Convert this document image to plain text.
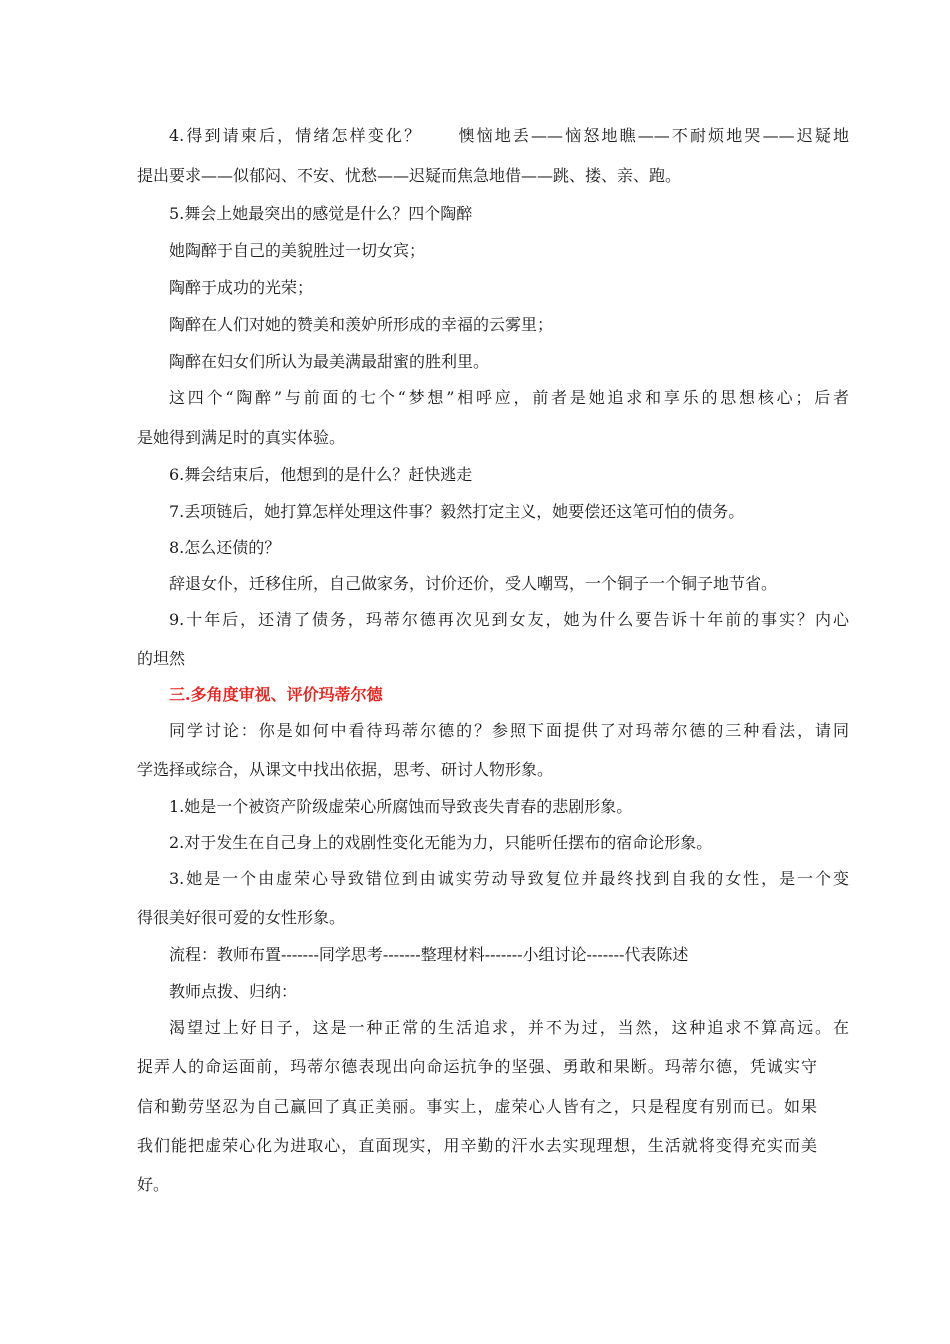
4.得到请柬后，情绪怎样变化？　　懊恼地丢——恼怒地瞧——不耐烦地哭——迟疑地
提出要求——似郁闷、不安、忧愁——迟疑而焦急地借——跳、搂、亲、跑。
5.舞会上她最突出的感觉是什么？四个陶醉
她陶醉于自己的美貌胜过一切女宾；
陶醉于成功的光荣；
陶醉在人们对她的赞美和羡妒所形成的幸福的云雾里；
陶醉在妇女们所认为最美满最甜蜜的胜利里。
这四个“陶醉”与前面的七个“梦想”相呼应，前者是她追求和享乐的思想核心；后者
是她得到满足时的真实体验。
6.舞会结束后，他想到的是什么？赶快逃走
7.丢项链后，她打算怎样处理这件事？毅然打定主义，她要偿还这笔可怕的债务。
8.怎么还债的？
辞退女仆，迁移住所，自己做家务，讨价还价，受人嘲骂，一个铜子一个铜子地节省。
9.十年后，还清了债务，玛蒂尔德再次见到女友，她为什么要告诉十年前的事实？内心
的坦然
三.多角度审视、评价玛蒂尔德
同学讨论：你是如何中看待玛蒂尔德的？参照下面提供了对玛蒂尔德的三种看法，请同
学选择或综合，从课文中找出依据，思考、研讨人物形象。
1.她是一个被资产阶级虚荣心所腐蚀而导致丧失青春的悲剧形象。
2.对于发生在自己身上的戏剧性变化无能为力，只能听任摆布的宿命论形象。
3.她是一个由虚荣心导致错位到由诚实劳动导致复位并最终找到自我的女性，是一个变
得很美好很可爱的女性形象。
流程：教师布置-------同学思考-------整理材料-------小组讨论-------代表陈述
教师点拨、归纳：
渴望过上好日子，这是一种正常的生活追求，并不为过，当然，这种追求不算高远。在
捉弄人的命运面前，玛蒂尔德表现出向命运抗争的坚强、勇敢和果断。玛蒂尔德，凭诚实守
信和勤劳坚忍为自己赢回了真正美丽。事实上，虚荣心人皆有之，只是程度有别而已。如果
我们能把虚荣心化为进取心，直面现实，用辛勤的汗水去实现理想，生活就将变得充实而美
好。
